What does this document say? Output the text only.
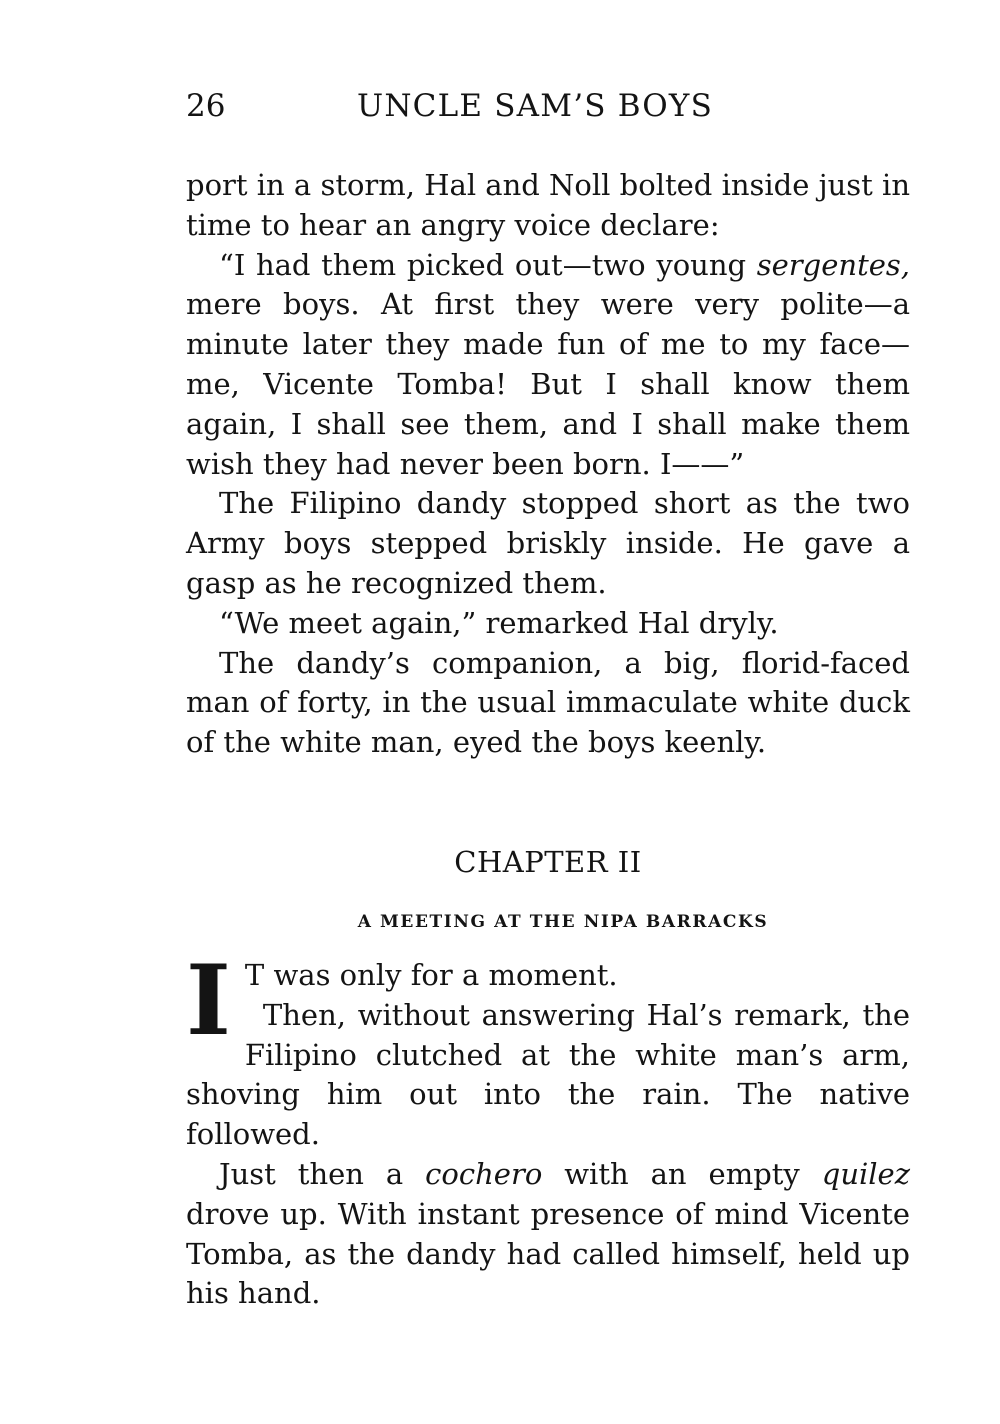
26	UNCLE SAM’S BOYS

port in a storm, Hal and Noll bolted inside just in time to hear an angry voice declare:

“I had them picked out—two young sergentes, mere boys. At first they were very polite—a minute later they made fun of me to my face—me, Vicente Tomba! But I shall know them again, I shall see them, and I shall make them wish they had never been born. I——”

The Filipino dandy stopped short as the two Army boys stepped briskly inside. He gave a gasp as he recognized them.

“We meet again,” remarked Hal dryly.

The dandy’s companion, a big, florid-faced man of forty, in the usual immaculate white duck of the white man, eyed the boys keenly.

CHAPTER II
A MEETING AT THE NIPA BARRACKS

I T was only for a moment.

Then, without answering Hal’s remark, the Filipino clutched at the white man’s arm, shoving him out into the rain. The native followed.

Just then a cochero with an empty quilez drove up. With instant presence of mind Vicente Tomba, as the dandy had called himself, held up his hand.
